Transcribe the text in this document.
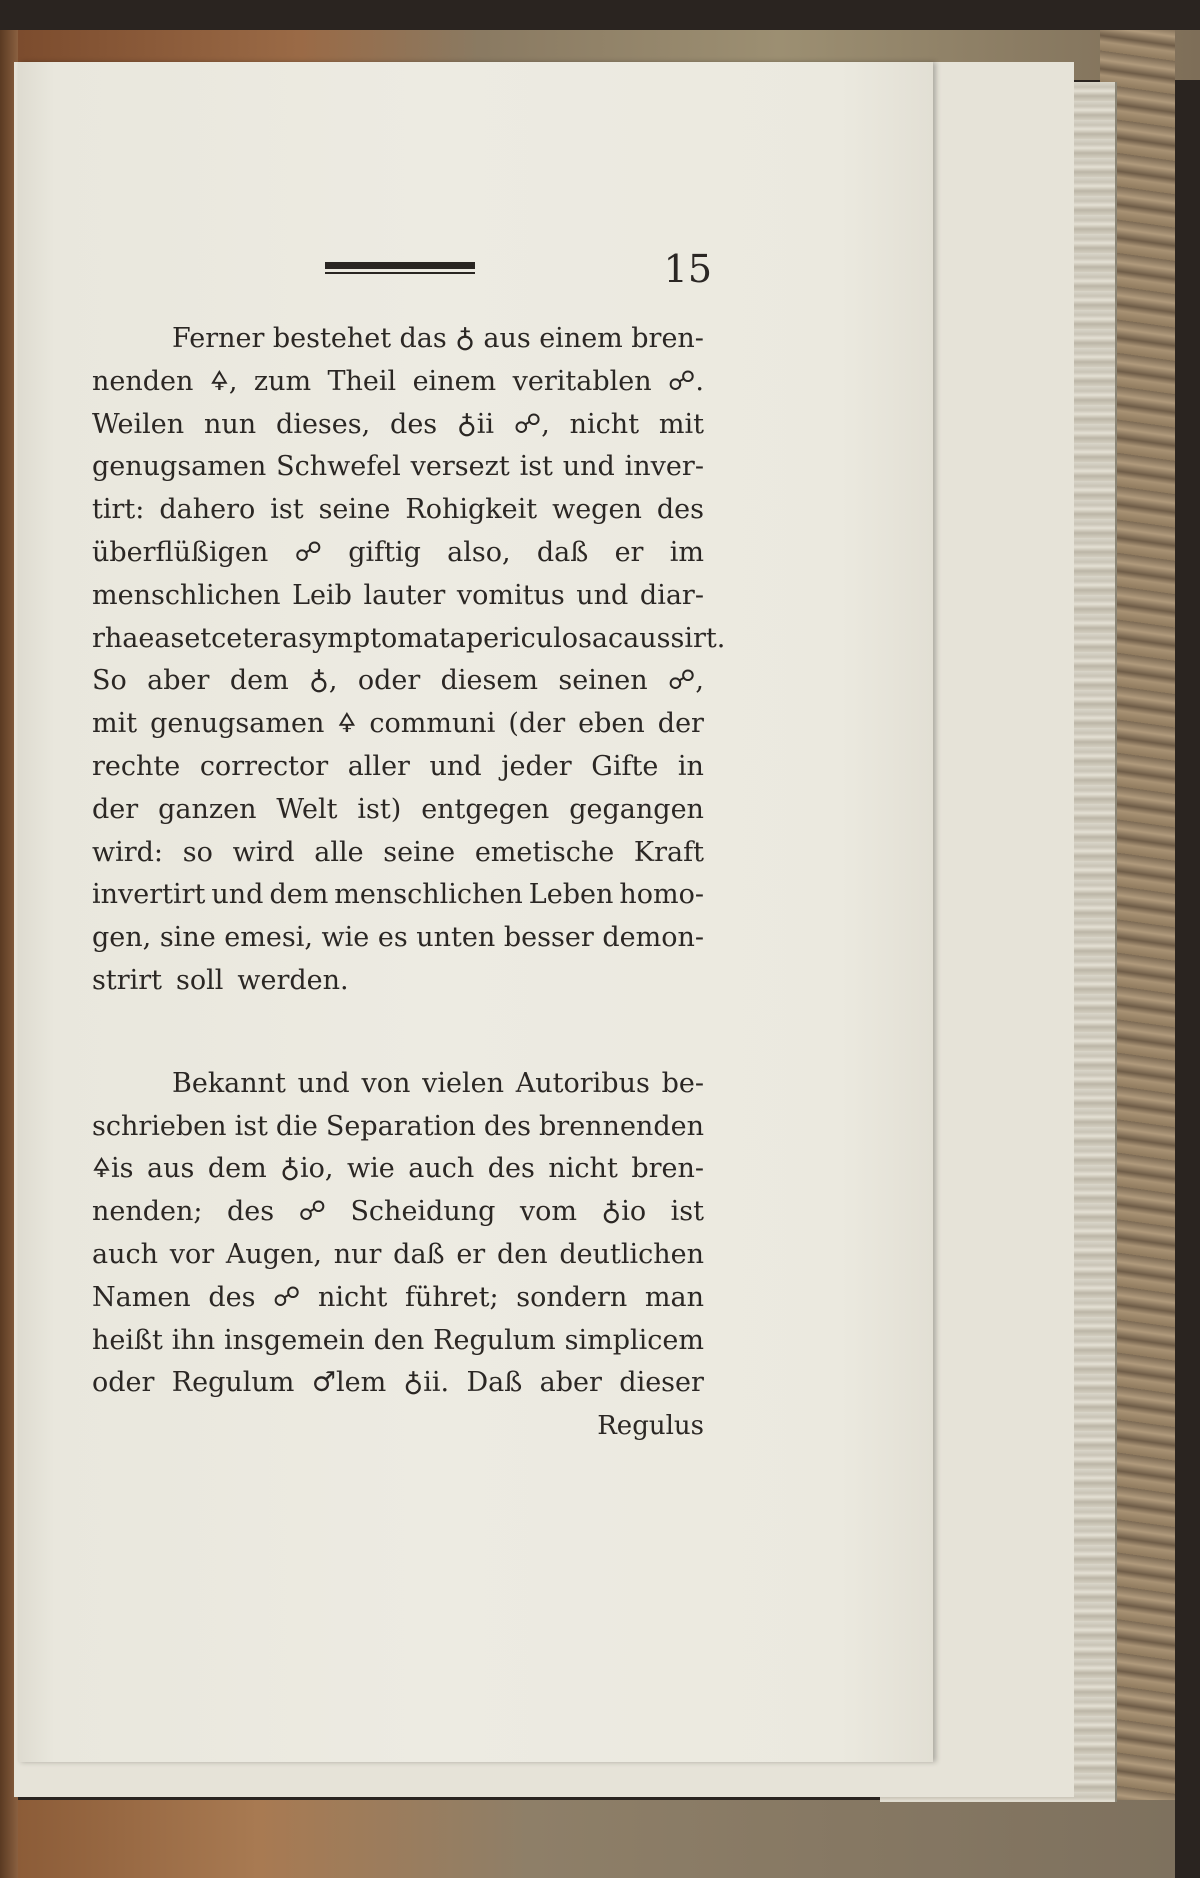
15
Ferner bestehet das ♁ aus einem bren-
nenden 🜍, zum Theil einem veritablen ☍.
Weilen nun dieses, des ♁ii ☍, nicht mit
genugsamen Schwefel versezt ist und inver-
tirt: dahero ist seine Rohigkeit wegen des
überflüßigen ☍ giftig also, daß er im
menschlichen Leib lauter vomitus und diar-
rhaeas et cetera symptomata periculosa caussirt.
So aber dem ♁, oder diesem seinen ☍,
mit genugsamen 🜍 communi (der eben der
rechte corrector aller und jeder Gifte in
der ganzen Welt ist) entgegen gegangen
wird: so wird alle seine emetische Kraft
invertirt und dem menschlichen Leben homo-
gen, sine emesi, wie es unten besser demon-
strirt soll werden.
Bekannt und von vielen Autoribus be-
schrieben ist die Separation des brennenden
🜍is aus dem ♁io, wie auch des nicht bren-
nenden; des ☍ Scheidung vom ♁io ist
auch vor Augen, nur daß er den deutlichen
Namen des ☍ nicht führet; sondern man
heißt ihn insgemein den Regulum simplicem
oder Regulum ♂lem ♁ii. Daß aber dieser
Regulus
